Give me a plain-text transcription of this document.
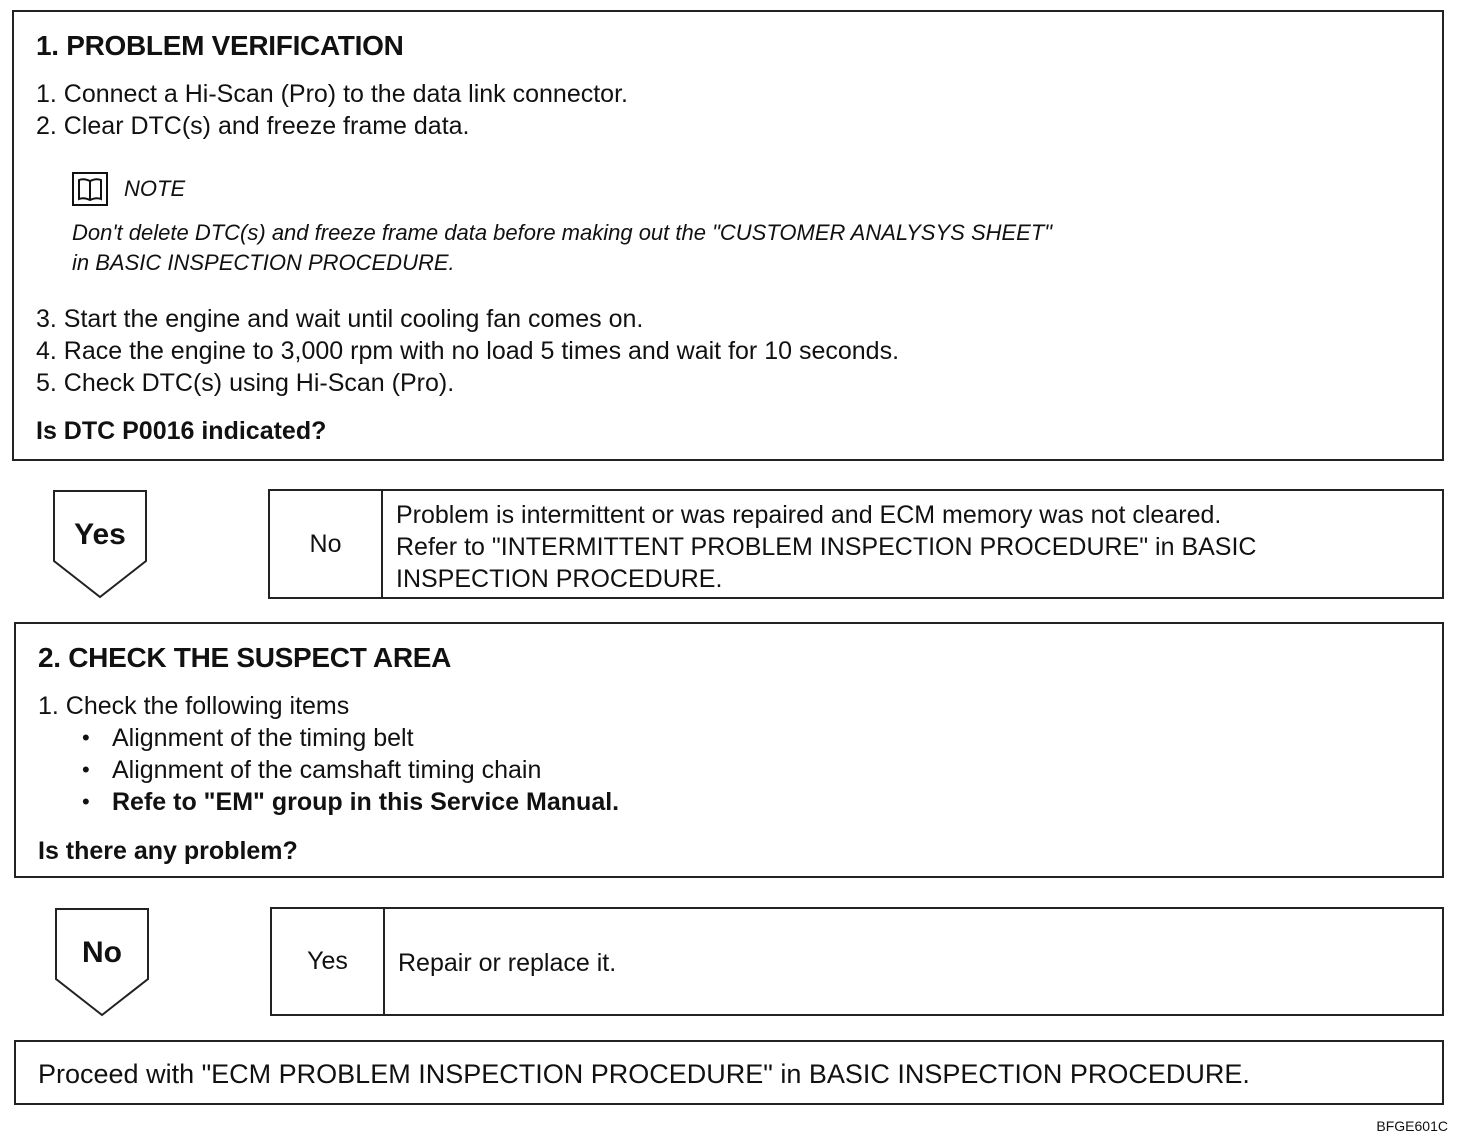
1. PROBLEM VERIFICATION
1. Connect a Hi-Scan (Pro) to the data link connector.
2. Clear DTC(s) and freeze frame data.
NOTE
Don't delete DTC(s) and freeze frame data before making out the "CUSTOMER ANALYSYS SHEET"
in BASIC INSPECTION PROCEDURE.
3. Start the engine and wait until cooling fan comes on.
4. Race the engine to 3,000 rpm with no load 5 times and wait for 10 seconds.
5. Check DTC(s) using Hi-Scan (Pro).
Is DTC P0016 indicated?
Yes	No
Problem is intermittent or was repaired and ECM memory was not cleared.
Refer to "INTERMITTENT PROBLEM INSPECTION PROCEDURE" in BASIC
INSPECTION PROCEDURE.
2. CHECK THE SUSPECT AREA
1. Check the following items
• Alignment of the timing belt
• Alignment of the camshaft timing chain
• Refe to "EM" group in this Service Manual.
Is there any problem?
No	Yes	Repair or replace it.
Proceed with "ECM PROBLEM INSPECTION PROCEDURE" in BASIC INSPECTION PROCEDURE.
BFGE601C
